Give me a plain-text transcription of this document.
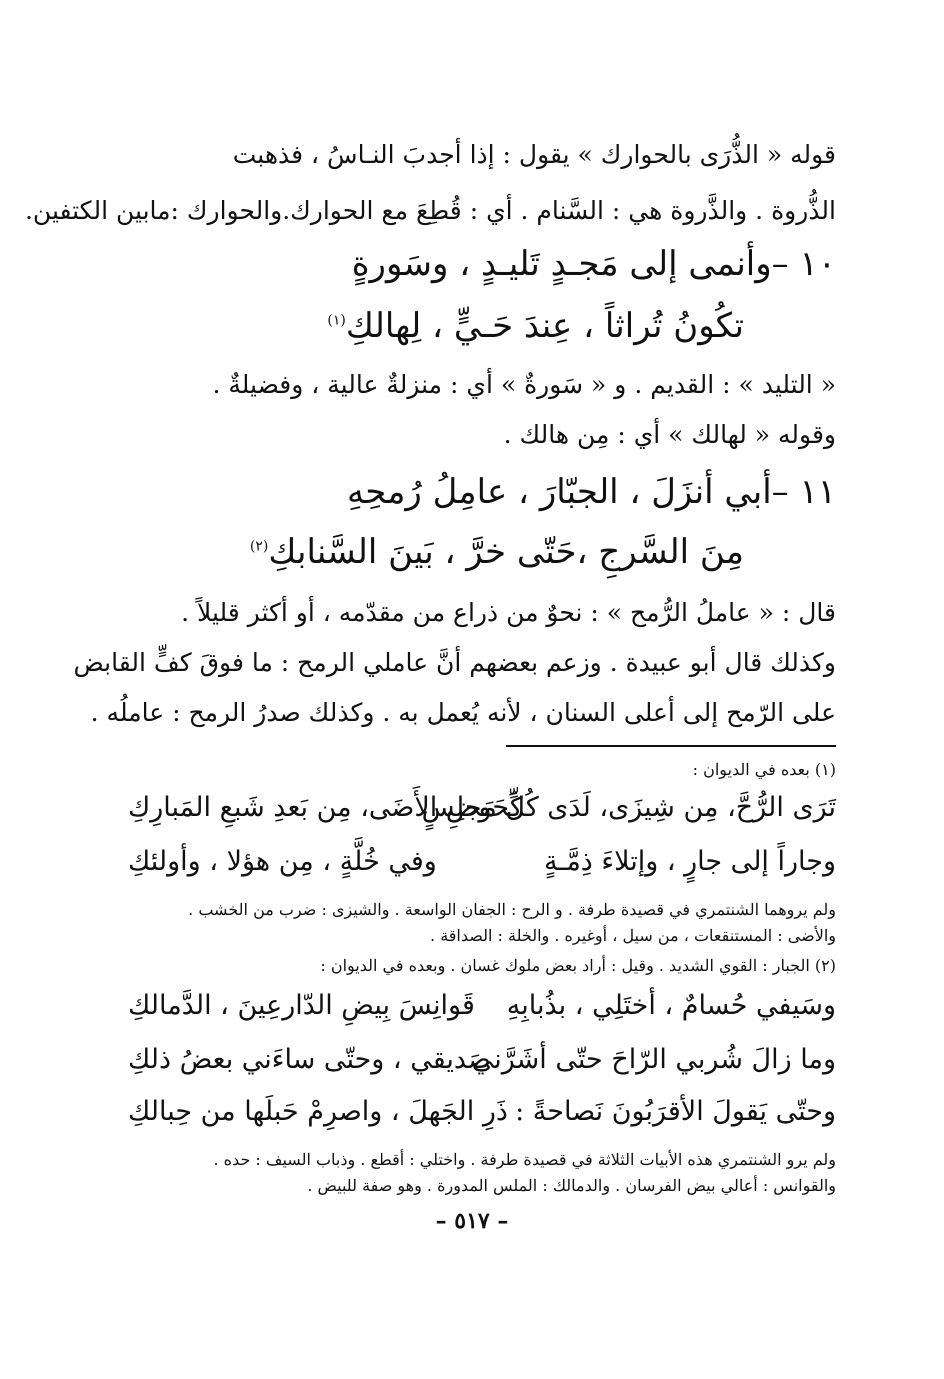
قوله « الذُّرَى بالحوارك » يقول : إذا أجدبَ النـاسُ ، فذهبت
الذُّروة . والذَّروة هي : السَّنام . أي : قُطِعَ مع الحوارك.والحوارك :مابين الكتفين.
١٠ –وأنمى إلى مَجـدٍ تَليـدٍ ، وسَورةٍ
تكُونُ تُراثاً ، عِندَ حَـيٍّ ، لِهالكِ$^{(١)}$
« التليد » : القديم . و « سَورةٌ » أي : منزلةٌ عالية ، وفضيلةٌ .
وقوله « لهالك » أي : مِن هالك .
١١ –أبي أنزَلَ ، الجبّارَ ، عامِلُ رُمحِهِ
مِنَ السَّرجِ ،حَتّى خرَّ ، بَينَ السَّنابكِ$^{(٢)}$
قال : « عاملُ الرُّمح » : نحوٌ من ذراع من مقدّمه ، أو أكثر قليلاً .
وكذلك قال أبو عبيدة . وزعم بعضهم أنَّ عاملي الرمح : ما فوقَ كفٍّ القابض
على الرّمح إلى أعلى السنان ، لأنه يُعمل به . وكذلك صدرُ الرمح : عاملُه .
(١) بعده في الديوان :
تَرَى الرُّحَّ، مِن شِيزَى، لَدَى كُلِّ مَجلِسٍ
كَحَوضِ الأَضَى، مِن بَعدِ شَبعِ المَبارِكِ
وجاراً إلى جارٍ ، وإتلاءَ ذِمَّـةٍ
وفي خُلَّةٍ ، مِن هؤلا ، وأولئكِ
ولم يروهما الشنتمري في قصيدة طرفة . و الرح : الجفان الواسعة . والشيزى : ضرب من الخشب .
والأضى : المستنقعات ، من سيل ، أوغيره . والخلة : الصداقة .
(٢) الجبار : القوي الشديد . وقيل : أراد بعض ملوك غسان . وبعده في الديوان :
وسَيفي حُسامٌ ، أختَلِي ، بذُبابِهِ
قَوانِسَ بِيضِ الدّارعِينَ ، الدَّمالكِ
وما زالَ شُربي الرّاحَ حتّى أشَرَّني
صَديقي ، وحتّى ساءَني بعضُ ذلكِ
وحتّى يَقولَ الأقرَبُونَ نَصاحةً :
ذَرِ الجَهلَ ، واصرِمْ حَبلَها من حِبالكِ
ولم يرو الشنتمري هذه الأبيات الثلاثة في قصيدة طرفة . واختلي : أقطع . وذباب السيف : حده .
والقوانس : أعالي بيض الفرسان . والدمالك : الملس المدورة . وهو صفة للبيض .
– ٥١٧ –
